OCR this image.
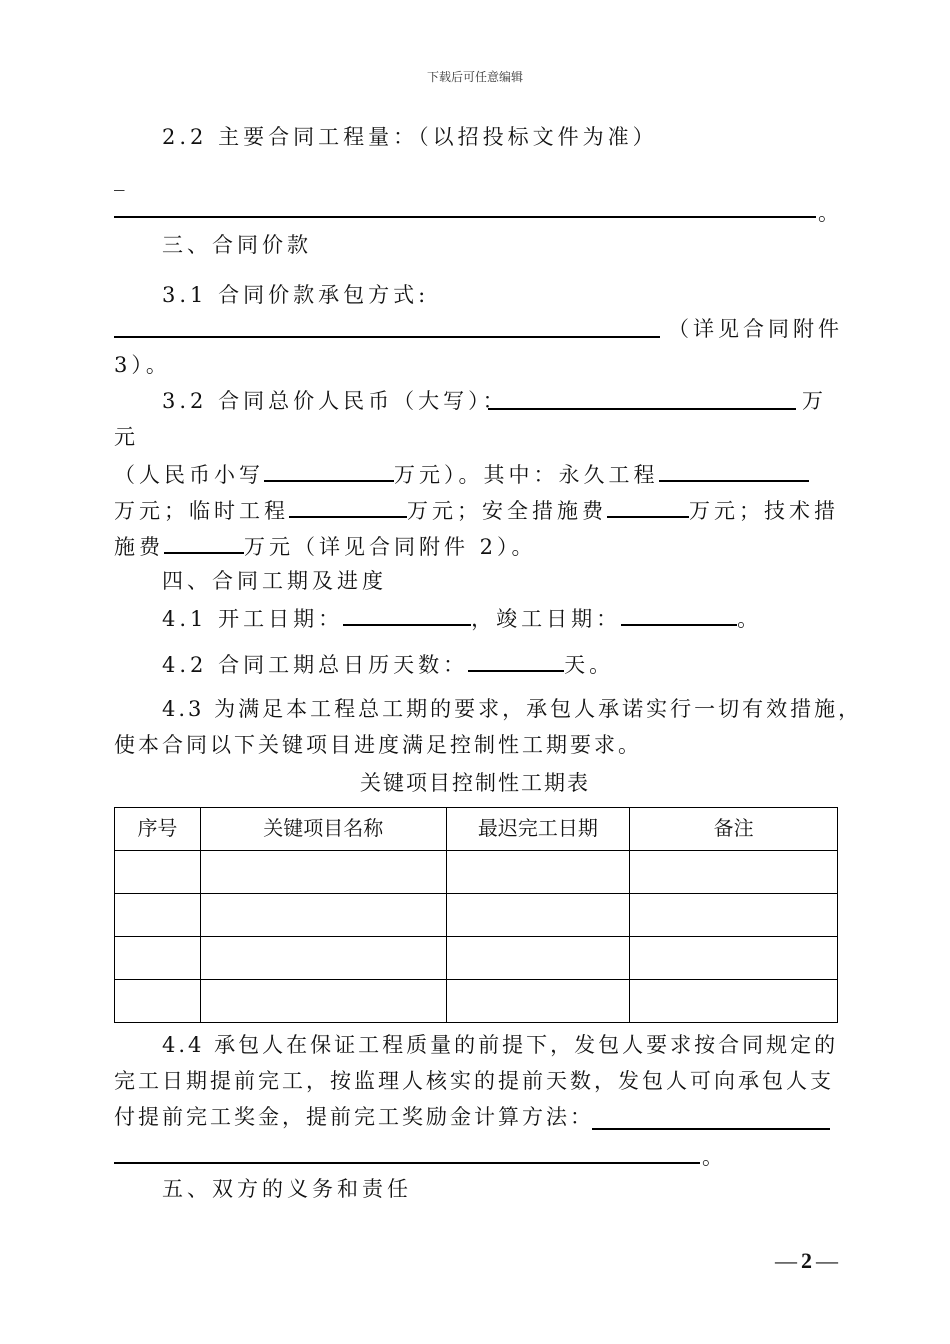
下载后可任意编辑
2.2 主要合同工程量：（以招投标文件为准）
_
。
三、合同价款
3.1 合同价款承包方式:
（详见合同附件
3）。
3.2 合同总价人民币（大写）：	万
元
（人民币小写	万元）。其中：永久工程
万元；临时工程	万元；安全措施费	万元；技术措
施费	万元（详见合同附件 2）。
四、合同工期及进度
4.1 开工日期：	，竣工日期：	。
4.2 合同工期总日历天数：	天。
4.3 为满足本工程总工期的要求，承包人承诺实行一切有效措施，
使本合同以下关键项目进度满足控制性工期要求。
关键项目控制性工期表
序号	关键项目名称	最迟完工日期	备注

4.4 承包人在保证工程质量的前提下，发包人要求按合同规定的
完工日期提前完工，按监理人核实的提前天数，发包人可向承包人支
付提前完工奖金，提前完工奖励金计算方法：
。
五、双方的义务和责任
— 2 —
